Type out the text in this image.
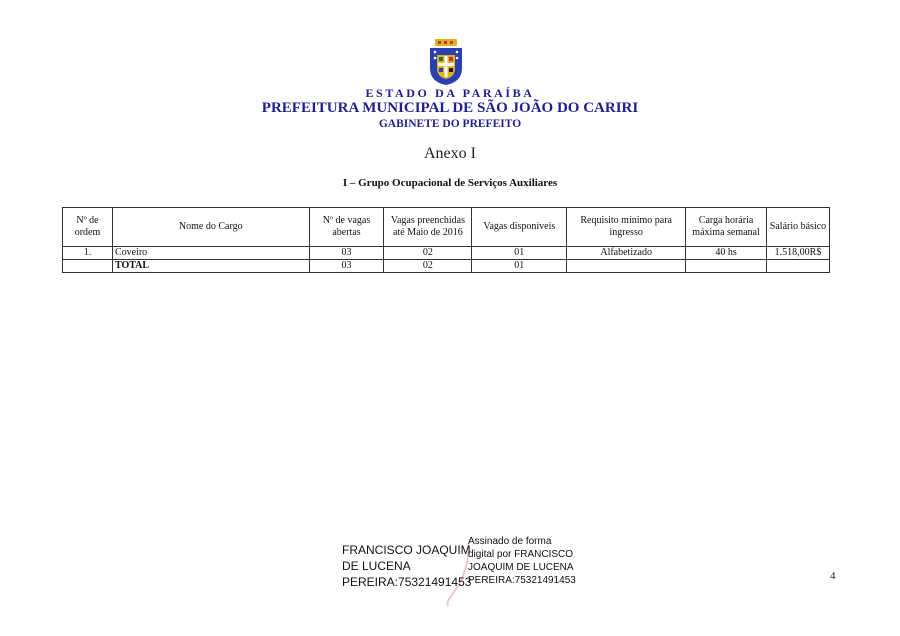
ESTADO DA PARAÍBA
PREFEITURA MUNICIPAL DE SÃO JOÃO DO CARIRI
GABINETE DO PREFEITO
Anexo I
I – Grupo Ocupacional de Serviços Auxiliares
Nº de ordem	Nome do Cargo	Nº de vagas abertas	Vagas preenchidas até Maio de 2016	Vagas disponíveis	Requisito mínimo para ingresso	Carga horária máxima semanal	Salário básico
1.	Coveiro	03	02	01	Alfabetizado	40 hs	1.518,00R$
	TOTAL	03	02	01			
FRANCISCO JOAQUIM
DE LUCENA
PEREIRA:75321491453
Assinado de forma
digital por FRANCISCO
JOAQUIM DE LUCENA
PEREIRA:75321491453	4
